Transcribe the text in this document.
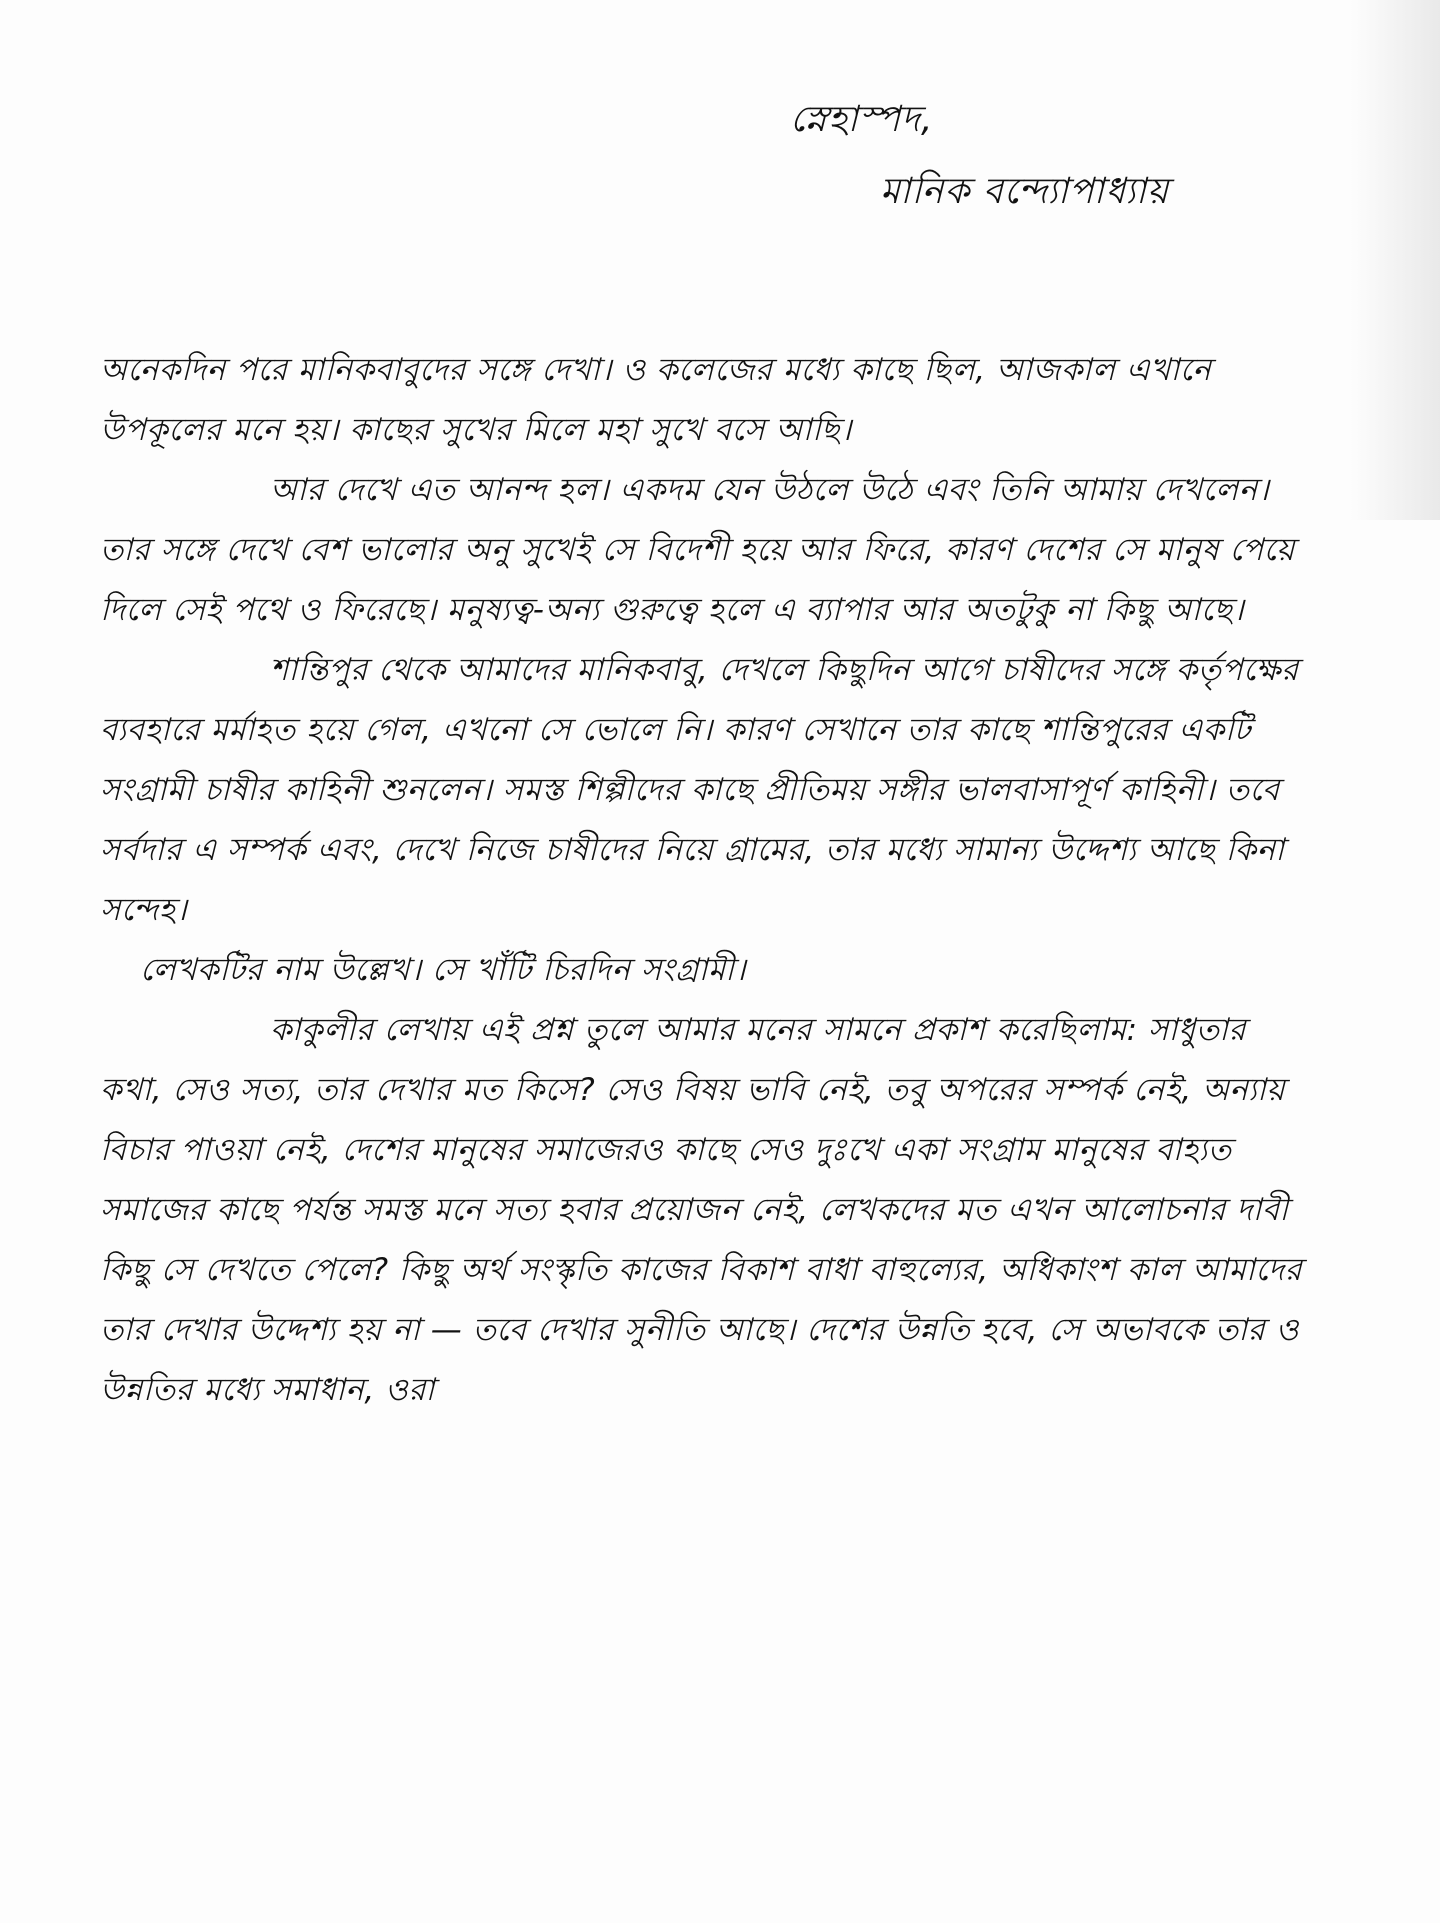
স্নেহাস্পদ,
মানিক বন্দ্যোপাধ্যায়

অনেকদিন পরে মানিকবাবুদের সঙ্গে দেখা। ও কলেজের মধ্যে কাছে ছিল, আজকাল এখানে উপকূলের মনে হয়। কাছের সুখের মিলে মহা সুখে বসে আছি।

আর দেখে এত আনন্দ হল। একদম যেন উঠলে উঠে এবং তিনি আমায় দেখলেন। তার সঙ্গে দেখে বেশ ভালোর অনু সুখেই সে বিদেশী হয়ে আর ফিরে, কারণ দেশের সে মানুষ পেয়ে দিলে সেই পথে ও ফিরেছে। মনুষ্যত্ব-অন্য গুরুত্বে হলে এ ব্যাপার আর অতটুকু না কিছু আছে।

শান্তিপুর থেকে আমাদের মানিকবাবু, দেখলে কিছুদিন আগে চাষীদের সঙ্গে কর্তৃপক্ষের ব্যবহারে মর্মাহত হয়ে গেল, এখনো সে ভোলে নি। কারণ সেখানে তার কাছে শান্তিপুরের একটি সংগ্রামী চাষীর কাহিনী শুনলেন। সমস্ত শিল্পীদের কাছে প্রীতিময় সঙ্গীর ভালবাসাপূর্ণ কাহিনী। তবে সর্বদার এ সম্পর্ক এবং, দেখে নিজে চাষীদের নিয়ে গ্রামের, তার মধ্যে সামান্য উদ্দেশ্য আছে কিনা সন্দেহ।

লেখকটির নাম উল্লেখ। সে খাঁটি চিরদিন সংগ্রামী।

কাকুলীর লেখায় এই প্রশ্ন তুলে আমার মনের সামনে প্রকাশ করেছিলাম: সাধুতার কথা, সেও সত্য, তার দেখার মত কিসে? সেও বিষয় ভাবি নেই, তবু অপরের সম্পর্ক নেই, অন্যায় বিচার পাওয়া নেই, দেশের মানুষের সমাজেরও কাছে সেও দুঃখে একা সংগ্রাম মানুষের বাহ্যত সমাজের কাছে পর্যন্ত সমস্ত মনে সত্য হবার প্রয়োজন নেই, লেখকদের মত এখন আলোচনার দাবী কিছু সে দেখতে পেলে? কিছু অর্থ সংস্কৃতি কাজের বিকাশ বাধা বাহুল্যের, অধিকাংশ কাল আমাদের তার দেখার উদ্দেশ্য হয় না — তবে দেখার সুনীতি আছে। দেশের উন্নতি হবে, সে অভাবকে তার ও উন্নতির মধ্যে সমাধান, ওরা
